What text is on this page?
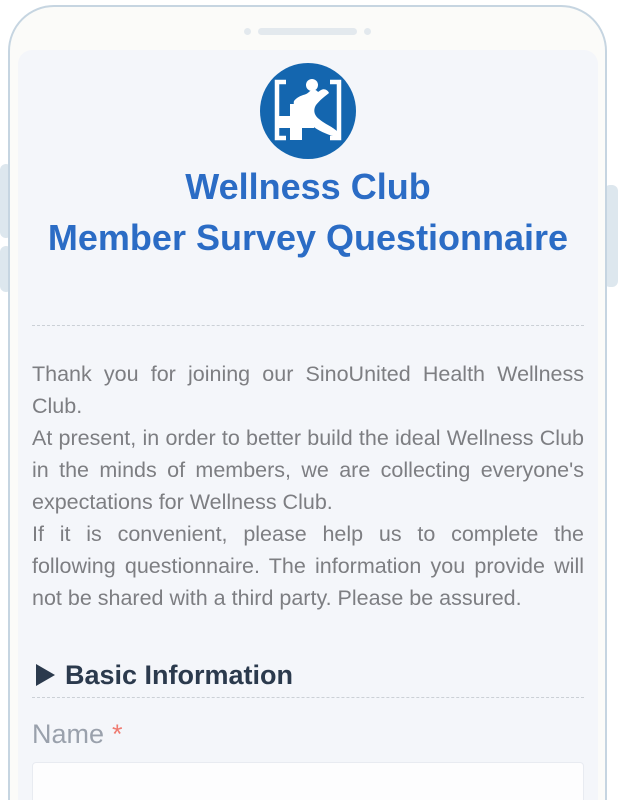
Wellness Club
Member Survey Questionnaire

Thank you for joining our SinoUnited Health Wellness Club.

At present, in order to better build the ideal Wellness Club in the minds of members, we are collecting everyone's expectations for Wellness Club.

If it is convenient, please help us to complete the following questionnaire. The information you provide will not be shared with a third party. Please be assured.

Basic Information
Name *
